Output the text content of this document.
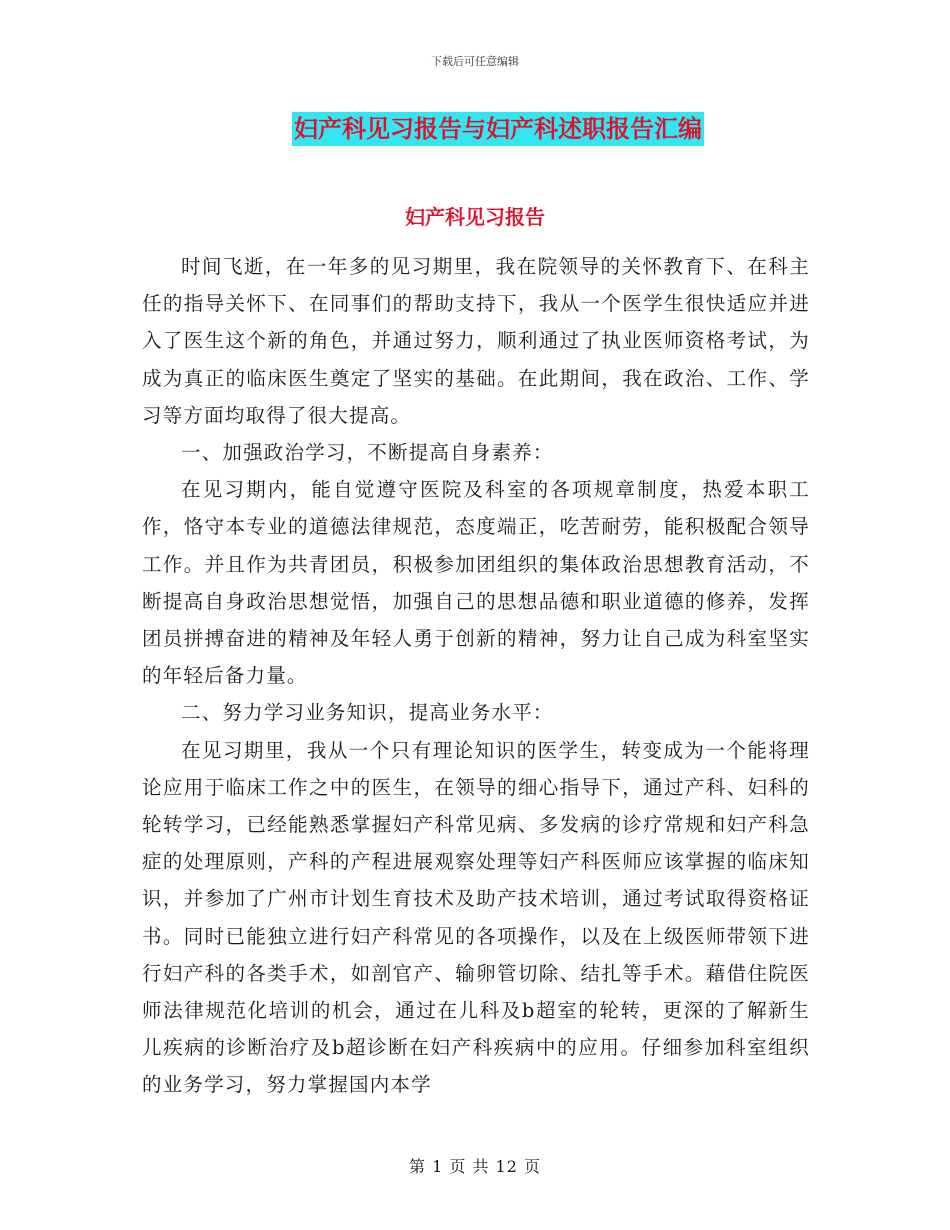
下载后可任意编辑
妇产科见习报告与妇产科述职报告汇编
妇产科见习报告

时间飞逝，在一年多的见习期里，我在院领导的关怀教育下、在科主任的指导关怀下、在同事们的帮助支持下，我从一个医学生很快适应并进入了医生这个新的角色，并通过努力，顺利通过了执业医师资格考试，为成为真正的临床医生奠定了坚实的基础。在此期间，我在政治、工作、学习等方面均取得了很大提高。

一、加强政治学习，不断提高自身素养：

在见习期内，能自觉遵守医院及科室的各项规章制度，热爱本职工作，恪守本专业的道德法律规范，态度端正，吃苦耐劳，能积极配合领导工作。并且作为共青团员，积极参加团组织的集体政治思想教育活动，不断提高自身政治思想觉悟，加强自己的思想品德和职业道德的修养，发挥团员拼搏奋进的精神及年轻人勇于创新的精神，努力让自己成为科室坚实的年轻后备力量。

二、努力学习业务知识，提高业务水平：

在见习期里，我从一个只有理论知识的医学生，转变成为一个能将理论应用于临床工作之中的医生，在领导的细心指导下，通过产科、妇科的轮转学习，已经能熟悉掌握妇产科常见病、多发病的诊疗常规和妇产科急症的处理原则，产科的产程进展观察处理等妇产科医师应该掌握的临床知识，并参加了广州市计划生育技术及助产技术培训，通过考试取得资格证书。同时已能独立进行妇产科常见的各项操作，以及在上级医师带领下进行妇产科的各类手术，如剖官产、输卵管切除、结扎等手术。藉借住院医师法律规范化培训的机会，通过在儿科及b超室的轮转，更深的了解新生儿疾病的诊断治疗及b超诊断在妇产科疾病中的应用。仔细参加科室组织的业务学习，努力掌握国内本学

第 1 页 共 12 页
